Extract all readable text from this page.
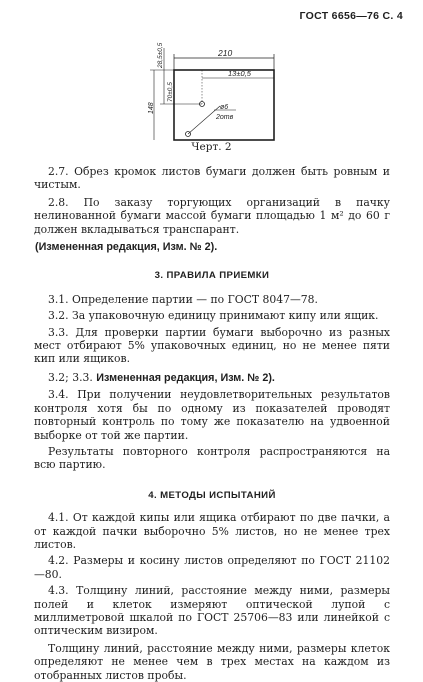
ГОСТ 6656—76 С. 4
210
13±0,5
28,5±0,5
70±0,5
148	ø6
2отв
Черт. 2

2.7. Обрез кромок листов бумаги должен быть ровным и чистым.

2.8. По заказу торгующих организаций в пачку нелинованной бумаги массой бумаги площадью 1 м² до 60 г должен вкладываться транспарант.

(Измененная редакция, Изм. № 2).

3. ПРАВИЛА ПРИЕМКИ

3.1. Определение партии — по ГОСТ 8047—78.

3.2. За упаковочную единицу принимают кипу или ящик.

3.3. Для проверки партии бумаги выборочно из разных мест отбирают 5% упаковочных единиц, но не менее пяти кип или ящиков.

3.2; 3.3. Измененная редакция, Изм. № 2).

3.4. При получении неудовлетворительных результатов контроля хотя бы по одному из показателей проводят повторный контроль по тому же показателю на удвоенной выборке от той же партии.

Результаты повторного контроля распространяются на всю партию.

4. МЕТОДЫ ИСПЫТАНИЙ

4.1. От каждой кипы или ящика отбирают по две пачки, а от каждой пачки выборочно 5% листов, но не менее трех листов.

4.2. Размеры и косину листов определяют по ГОСТ 21102—80.

4.3. Толщину линий, расстояние между ними, размеры полей и клеток измеряют оптической лупой с миллиметровой шкалой по ГОСТ 25706—83 или линейкой с оптическим визиром.

Толщину линий, расстояние между ними, размеры клеток определяют не менее чем в трех местах на каждом из отобранных листов пробы.
